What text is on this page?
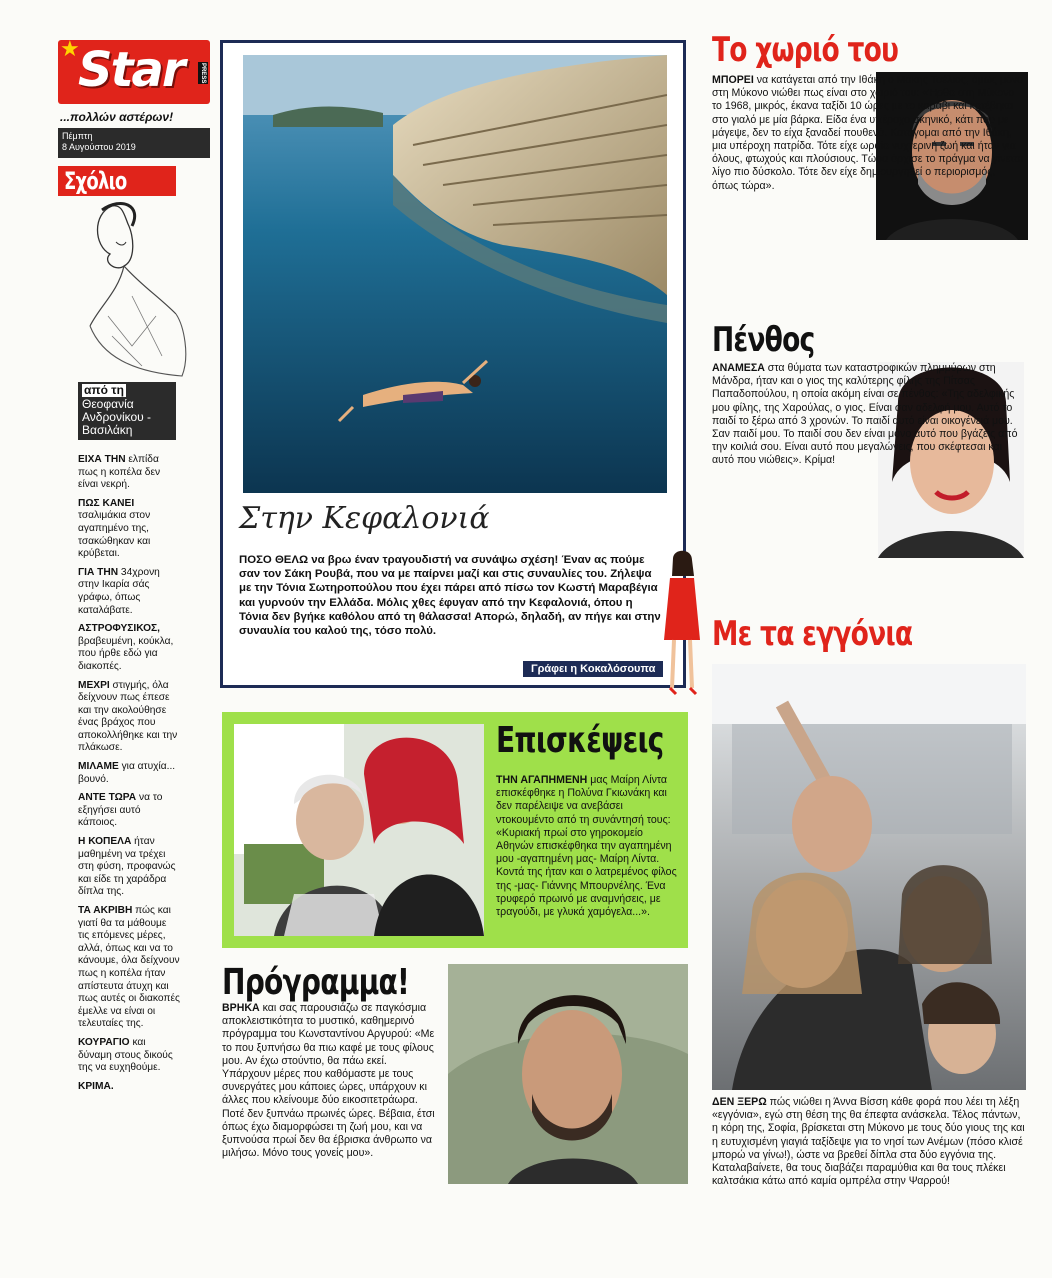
★
Star	PRESS
...πολλών αστέρων!
Πέμπτη
8 Αυγούστου 2019
Σχόλιο
από τη
Θεοφανία Ανδρονίκου - Βασιλάκη

ΕΙΧΑ ΤΗΝ ελπίδα πως η κοπέλα δεν είναι νεκρή.

ΠΩΣ ΚΑΝΕΙ τσαλιμάκια στον αγαπημένο της, τσακώθηκαν και κρύβεται.

ΓΙΑ ΤΗΝ 34χρονη στην Ικαρία σάς γράφω, όπως καταλάβατε.

ΑΣΤΡΟΦΥΣΙΚΟΣ, βραβευμένη, κούκλα, που ήρθε εδώ για διακοπές.

ΜΕΧΡΙ στιγμής, όλα δείχνουν πως έπεσε και την ακολούθησε ένας βράχος που αποκολλήθηκε και την πλάκωσε.

ΜΙΛΑΜΕ για ατυχία... βουνό.

ΑΝΤΕ ΤΩΡΑ να το εξηγήσει αυτό κάποιος.

Η ΚΟΠΕΛΑ ήταν μαθημένη να τρέχει στη φύση, προφανώς και είδε τη χαράδρα δίπλα της.

ΤΑ ΑΚΡΙΒΗ πώς και γιατί θα τα μάθουμε τις επόμενες μέρες, αλλά, όπως και να το κάνουμε, όλα δείχνουν πως η κοπέλα ήταν απίστευτα άτυχη και πως αυτές οι διακοπές έμελλε να είναι οι τελευταίες της.

ΚΟΥΡΑΓΙΟ και δύναμη στους δικούς της να ευχηθούμε.

ΚΡΙΜΑ.

Στην Κεφαλονιά
ΠΟΣΟ ΘΕΛΩ να βρω έναν τραγουδιστή να συνάψω σχέση! Έναν ας πούμε σαν τον Σάκη Ρουβά, που να με παίρνει μαζί και στις συναυλίες του. Ζήλεψα με την Τόνια Σωτηροπούλου που έχει πάρει από πίσω τον Κωστή Μαραβέγια και γυρνούν την Ελλάδα. Μόλις χθες έφυγαν από την Κεφαλονιά, όπου η Τόνια δεν βγήκε καθόλου από τη θάλασσα! Απορώ, δηλαδή, αν πήγε και στην συναυλία του καλού της, τόσο πολύ.
Γράφει η Κοκαλόσουπα
Το χωριό του
ΜΠΟΡΕΙ να κατάγεται από την Ιθάκη ο Μάκης Τσέλιος, όμως μόνο στη Μύκονο νιώθει πως είναι στο χωριό του: «Ήρθα στη Μύκονο το 1968, μικρός, έκανα ταξίδι 10 ώρες με το καράβι και κατέβηκα στο γιαλό με μία βάρκα. Είδα ένα υπέροχο σκηνικό, κάτι που με μάγεψε, δεν το είχα ξαναδεί πουθενά. Κατάγομαι από την Ιθάκη, μια υπέροχη πατρίδα. Τότε είχε ωραία νυχτερινή ζωή και ήταν για όλους, φτωχούς και πλούσιους. Τώρα άρχισε το πράγμα να γίνεται λίγο πιο δύσκολο. Τότε δεν είχε δημιουργηθεί ο περιορισμός, όπως τώρα».
Πένθος
ΑΝΑΜΕΣΑ στα θύματα των καταστροφικών πλημμύρων στη Μάνδρα, ήταν και ο γιος της καλύτερης φίλης της Πίτσας Παπαδοπούλου, η οποία ακόμη είναι σε πένθος: «Της αδελφικής μου φίλης, της Χαρούλας, ο γιος. Είναι σαν αδελφή μου. Αυτό το παιδί το ξέρω από 3 χρονών. Το παιδί αυτό είναι οικογένειά μου. Σαν παιδί μου. Το παιδί σου δεν είναι μόνο αυτό που βγάζεις από την κοιλιά σου. Είναι αυτό που μεγαλώνεις, που σκέφτεσαι και αυτό που νιώθεις». Κρίμα!
Με τα εγγόνια
ΔΕΝ ΞΕΡΩ πώς νιώθει η Άννα Βίσση κάθε φορά που λέει τη λέξη «εγγόνια», εγώ στη θέση της θα έπεφτα ανάσκελα. Τέλος πάντων, η κόρη της, Σοφία, βρίσκεται στη Μύκονο με τους δύο γιους της και η ευτυχισμένη γιαγιά ταξίδεψε για το νησί των Ανέμων (πόσο κλισέ μπορώ να γίνω!), ώστε να βρεθεί δίπλα στα δύο εγγόνια της. Καταλαβαίνετε, θα τους διαβάζει παραμύθια και θα τους πλέκει καλτσάκια κάτω από καμία ομπρέλα στην Ψαρρού!
Επισκέψεις
ΤΗΝ ΑΓΑΠΗΜΕΝΗ μας Μαίρη Λίντα επισκέφθηκε η Πολύνα Γκιωνάκη και δεν παρέλειψε να ανεβάσει ντοκουμέντο από τη συνάντησή τους: «Κυριακή πρωί στο γηροκομείο Αθηνών επισκέφθηκα την αγαπημένη μου -αγαπημένη μας- Μαίρη Λίντα. Κοντά της ήταν και ο λατρεμένος φίλος της -μας- Γιάννης Μπουρνέλης. Ένα τρυφερό πρωινό με αναμνήσεις, με τραγούδι, με γλυκά χαμόγελα...».
Πρόγραμμα!
ΒΡΗΚΑ και σας παρουσιάζω σε παγκόσμια αποκλειστικότητα το μυστικό, καθημερινό πρόγραμμα του Κωνσταντίνου Αργυρού: «Με το που ξυπνήσω θα πιω καφέ με τους φίλους μου. Αν έχω στούντιο, θα πάω εκεί. Υπάρχουν μέρες που καθόμαστε με τους συνεργάτες μου κάποιες ώρες, υπάρχουν κι άλλες που κλείνουμε δύο εικοσιτετράωρα. Ποτέ δεν ξυπνάω πρωινές ώρες. Βέβαια, έτσι όπως έχω διαμορφώσει τη ζωή μου, και να ξυπνούσα πρωί δεν θα έβρισκα άνθρωπο να μιλήσω. Μόνο τους γονείς μου».
